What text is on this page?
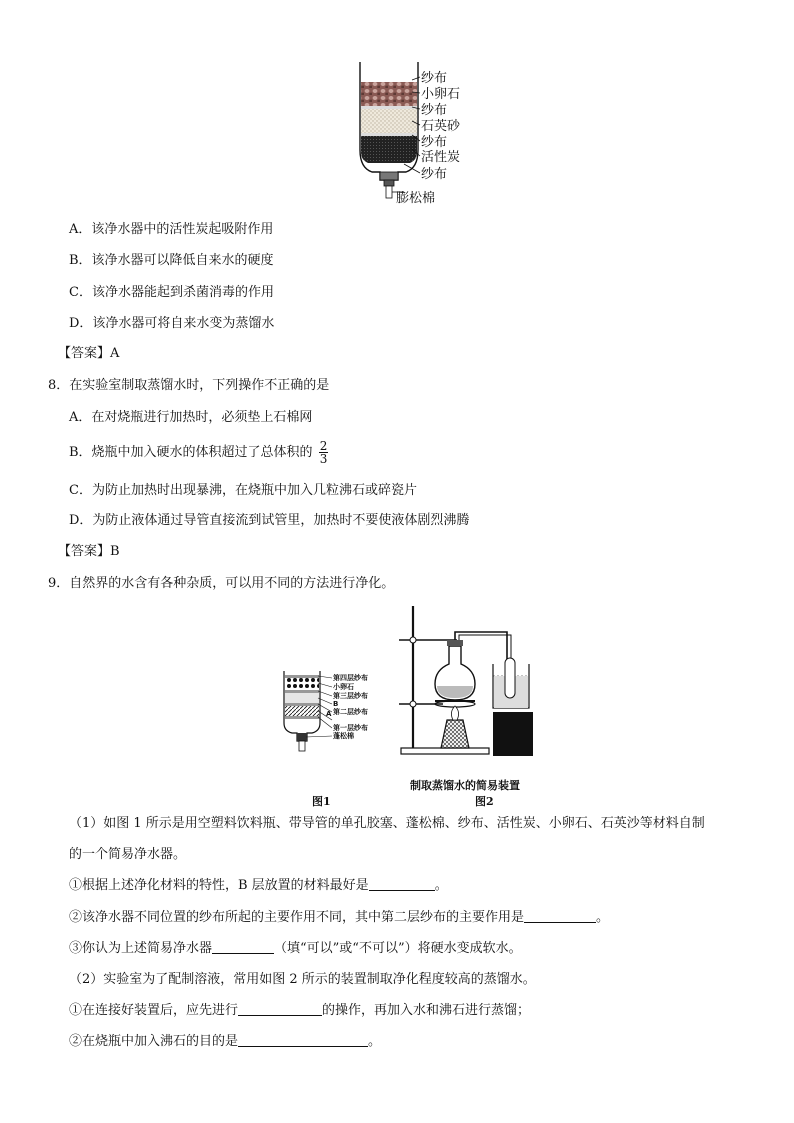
纱布
小卵石
纱布
石英砂
纱布
活性炭
纱布
膨松棉
A．该净水器中的活性炭起吸附作用
B．该净水器可以降低自来水的硬度
C．该净水器能起到杀菌消毒的作用
D．该净水器可将自来水变为蒸馏水
【答案】A
8．在实验室制取蒸馏水时，下列操作不正确的是
A．在对烧瓶进行加热时，必须垫上石棉网
B．烧瓶中加入硬水的体积超过了总体积的 $\frac{2}{3}$
C．为防止加热时出现暴沸，在烧瓶中加入几粒沸石或碎瓷片
D．为防止液体通过导管直接流到试管里，加热时不要使液体剧烈沸腾
【答案】B
9．自然界的水含有各种杂质，可以用不同的方法进行净化。
第四层纱布
小卵石
第三层纱布
B
A 第二层纱布
第一层纱布
蓬松棉
制取蒸馏水的简易装置
图1	图2
（1）如图 1 所示是用空塑料饮料瓶、带导管的单孔胶塞、蓬松棉、纱布、活性炭、小卵石、石英沙等材料自制
的一个简易净水器。
①根据上述净化材料的特性，B 层放置的材料最好是	。
②该净水器不同位置的纱布所起的主要作用不同，其中第二层纱布的主要作用是	。
③你认为上述简易净水器	（填“可以”或“不可以”）将硬水变成软水。
（2）实验室为了配制溶液，常用如图 2 所示的装置制取净化程度较高的蒸馏水。
①在连接好装置后，应先进行	的操作，再加入水和沸石进行蒸馏；
②在烧瓶中加入沸石的目的是	。
